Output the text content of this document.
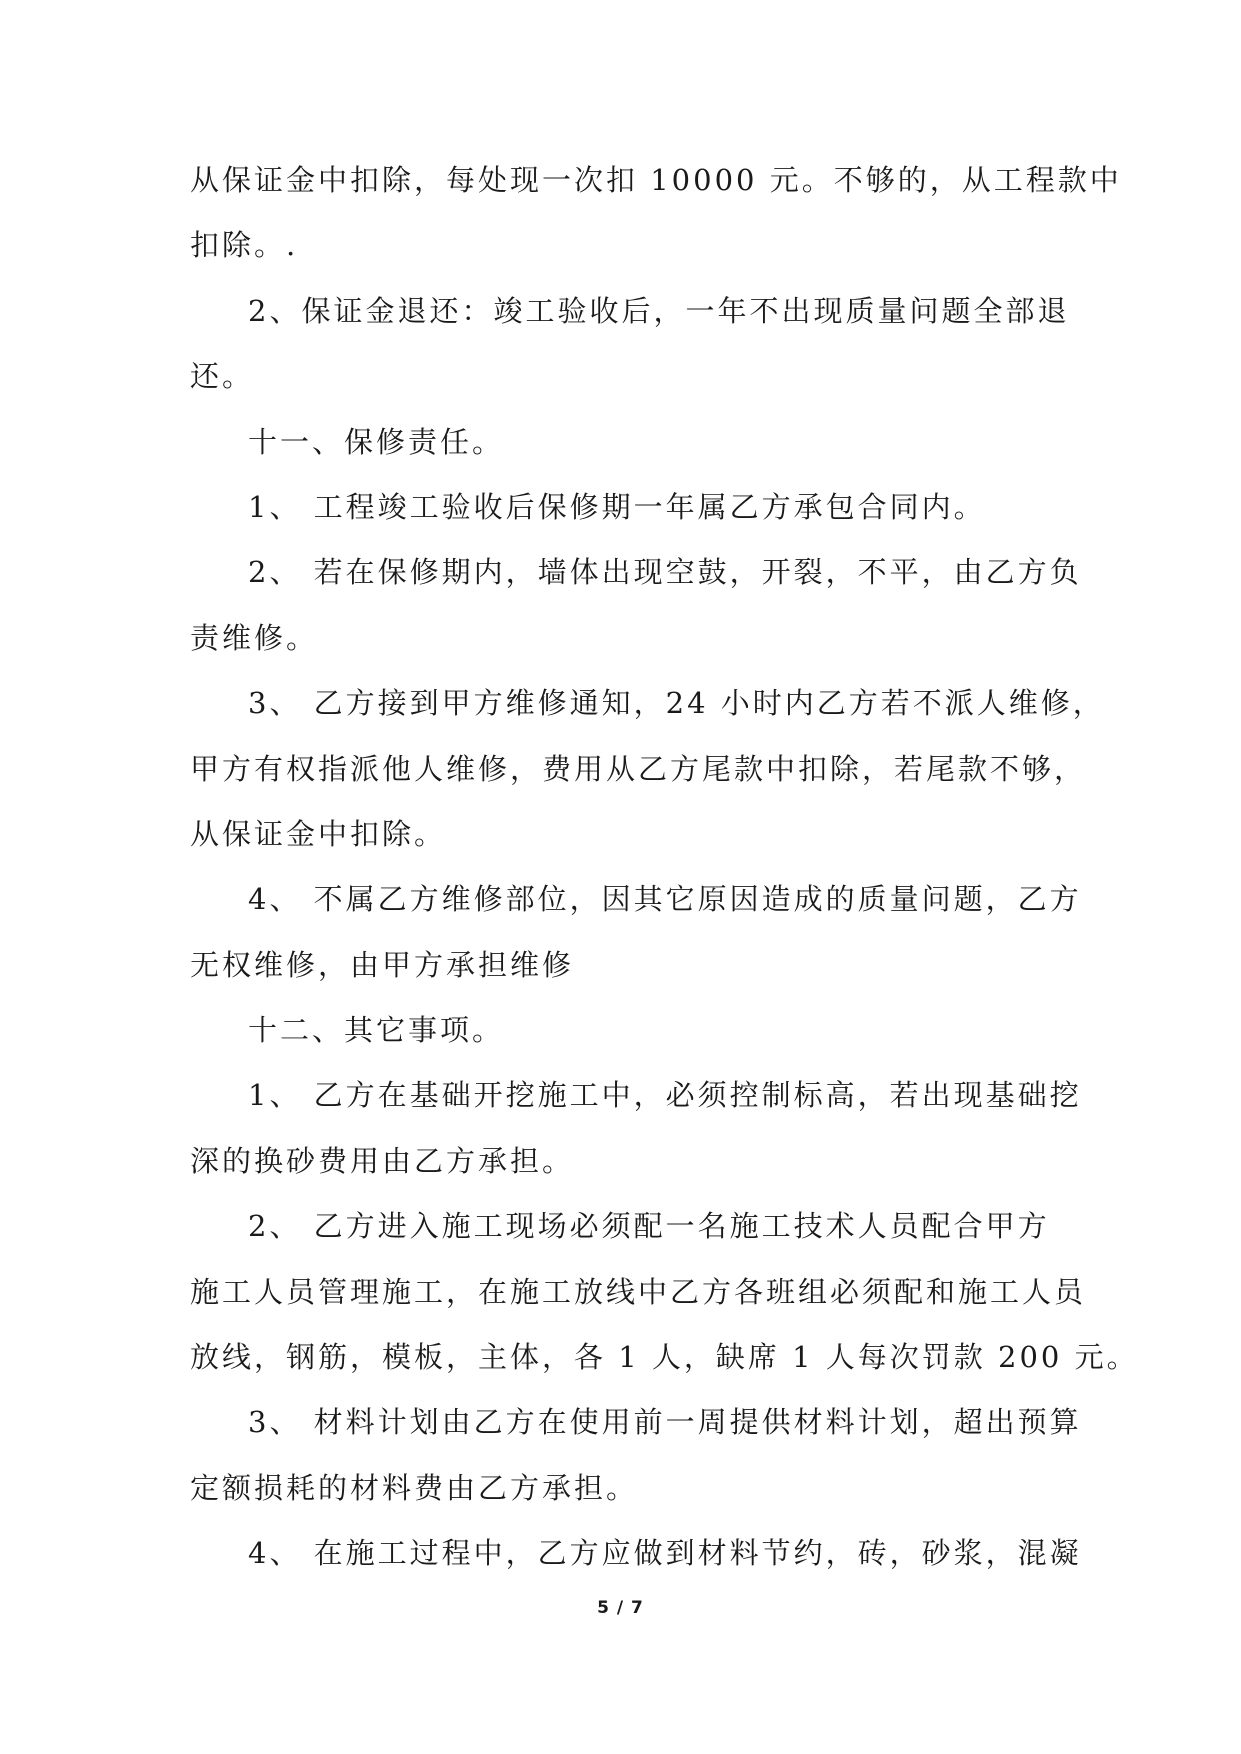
从保证金中扣除，每处现一次扣 10000 元。不够的，从工程款中
扣除。.
2、保证金退还：竣工验收后，一年不出现质量问题全部退
还。
十一、保修责任。
1、 工程竣工验收后保修期一年属乙方承包合同内。
2、 若在保修期内，墙体出现空鼓，开裂，不平，由乙方负
责维修。
3、 乙方接到甲方维修通知，24 小时内乙方若不派人维修，
甲方有权指派他人维修，费用从乙方尾款中扣除，若尾款不够，
从保证金中扣除。
4、 不属乙方维修部位，因其它原因造成的质量问题，乙方
无权维修，由甲方承担维修
十二、其它事项。
1、 乙方在基础开挖施工中，必须控制标高，若出现基础挖
深的换砂费用由乙方承担。
2、 乙方进入施工现场必须配一名施工技术人员配合甲方
施工人员管理施工，在施工放线中乙方各班组必须配和施工人员
放线，钢筋，模板，主体，各 1 人，缺席 1 人每次罚款 200 元。
3、 材料计划由乙方在使用前一周提供材料计划，超出预算
定额损耗的材料费由乙方承担。
4、 在施工过程中，乙方应做到材料节约，砖，砂浆，混凝
5 / 7
